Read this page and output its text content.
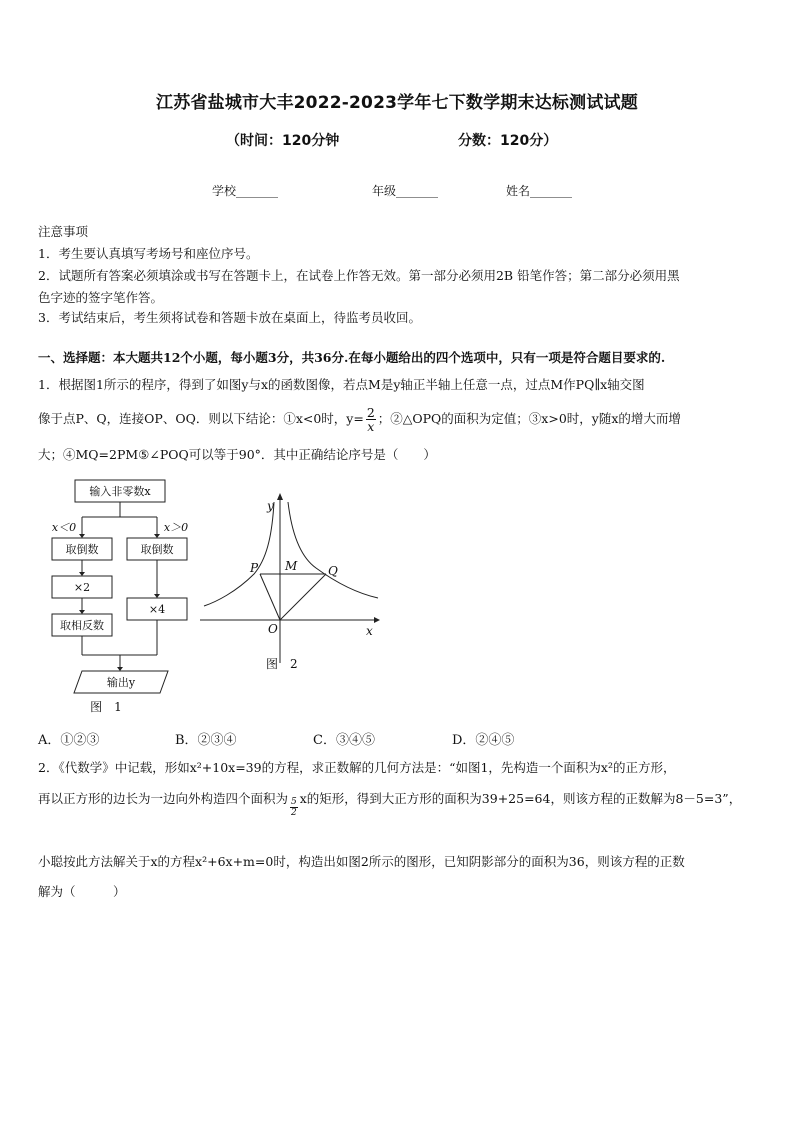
江苏省盐城市大丰2022-2023学年七下数学期末达标测试试题
（时间：120分钟	分数：120分）
学校_______	年级_______	姓名_______
注意事项
1．考生要认真填写考场号和座位序号。
2．试题所有答案必须填涂或书写在答题卡上，在试卷上作答无效。第一部分必须用2B 铅笔作答；第二部分必须用黑
色字迹的签字笔作答。
3．考试结束后，考生须将试卷和答题卡放在桌面上，待监考员收回。
一、选择题：本大题共12个小题，每小题3分，共36分.在每小题给出的四个选项中，只有一项是符合题目要求的.
1．根据图1所示的程序，得到了如图y与x的函数图像，若点M是y轴正半轴上任意一点，过点M作PQ∥x轴交图
像于点P、Q，连接OP、OQ．则以下结论：①x<0时，$y= \frac{2}{x}$ ；②△OPQ的面积为定值；③x>0时，y随x的增大而增
大；④MQ=2PM⑤∠POQ可以等于90°．其中正确结论序号是（　　）
输入非零数x
x＜0	x＞0
取倒数	取倒数
×2
取相反数
×4
输出y
图　1
y
x
O
P M	Q
图　2
A．①②③	B．②③④	C．③④⑤	D．②④⑤
2．《代数学》中记载，形如x²+10x=39的方程，求正数解的几何方法是：“如图1，先构造一个面积为x²的正方形，
再以正方形的边长为一边向外构造四个面积为 $\frac{5}{2}$ x的矩形，得到大正方形的面积为39+25=64，则该方程的正数解为8－5=3”，
小聪按此方法解关于x的方程x²+6x+m=0时，构造出如图2所示的图形，已知阴影部分的面积为36，则该方程的正数
解为（　　　）
